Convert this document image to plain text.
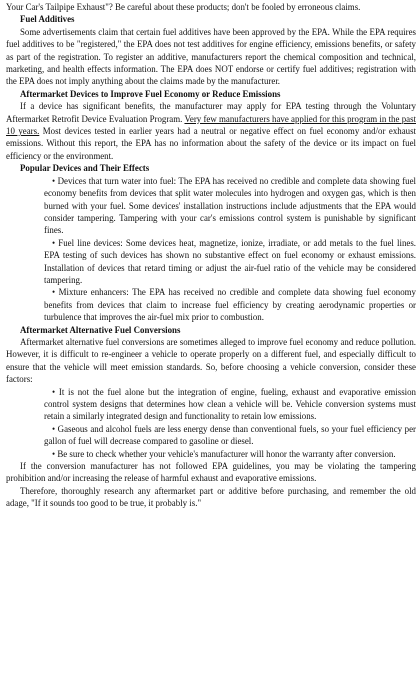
Your Car's Tailpipe Exhaust"? Be careful about these products; don't be fooled by erroneous claims.

Fuel Additives

Some advertisements claim that certain fuel additives have been approved by the EPA. While the EPA requires fuel additives to be "registered," the EPA does not test additives for engine efficiency, emissions benefits, or safety as part of the registration. To register an additive, manufacturers report the chemical composition and technical, marketing, and health effects information. The EPA does NOT endorse or certify fuel additives; registration with the EPA does not imply anything about the claims made by the manufacturer.

Aftermarket Devices to Improve Fuel Economy or Reduce Emissions

If a device has significant benefits, the manufacturer may apply for EPA testing through the Voluntary Aftermarket Retrofit Device Evaluation Program. Very few manufacturers have applied for this program in the past 10 years. Most devices tested in earlier years had a neutral or negative effect on fuel economy and/or exhaust emissions. Without this report, the EPA has no information about the safety of the device or its impact on fuel efficiency or the environment.

Popular Devices and Their Effects

• Devices that turn water into fuel: The EPA has received no credible and complete data showing fuel economy benefits from devices that split water molecules into hydrogen and oxygen gas, which is then burned with your fuel. Some devices' installation instructions include adjustments that the EPA would consider tampering. Tampering with your car's emissions control system is punishable by significant fines.

• Fuel line devices: Some devices heat, magnetize, ionize, irradiate, or add metals to the fuel lines. EPA testing of such devices has shown no substantive effect on fuel economy or exhaust emissions. Installation of devices that retard timing or adjust the air-fuel ratio of the vehicle may be considered tampering.

• Mixture enhancers: The EPA has received no credible and complete data showing fuel economy benefits from devices that claim to increase fuel efficiency by creating aerodynamic properties or turbulence that improves the air-fuel mix prior to combustion.

Aftermarket Alternative Fuel Conversions

Aftermarket alternative fuel conversions are sometimes alleged to improve fuel economy and reduce pollution. However, it is difficult to re-engineer a vehicle to operate properly on a different fuel, and especially difficult to ensure that the vehicle will meet emission standards. So, before choosing a vehicle conversion, consider these factors:

• It is not the fuel alone but the integration of engine, fueling, exhaust and evaporative emission control system designs that determines how clean a vehicle will be. Vehicle conversion systems must retain a similarly integrated design and functionality to retain low emissions.

• Gaseous and alcohol fuels are less energy dense than conventional fuels, so your fuel efficiency per gallon of fuel will decrease compared to gasoline or diesel.

• Be sure to check whether your vehicle's manufacturer will honor the warranty after conversion.

If the conversion manufacturer has not followed EPA guidelines, you may be violating the tampering prohibition and/or increasing the release of harmful exhaust and evaporative emissions.

Therefore, thoroughly research any aftermarket part or additive before purchasing, and remember the old adage, "If it sounds too good to be true, it probably is."
